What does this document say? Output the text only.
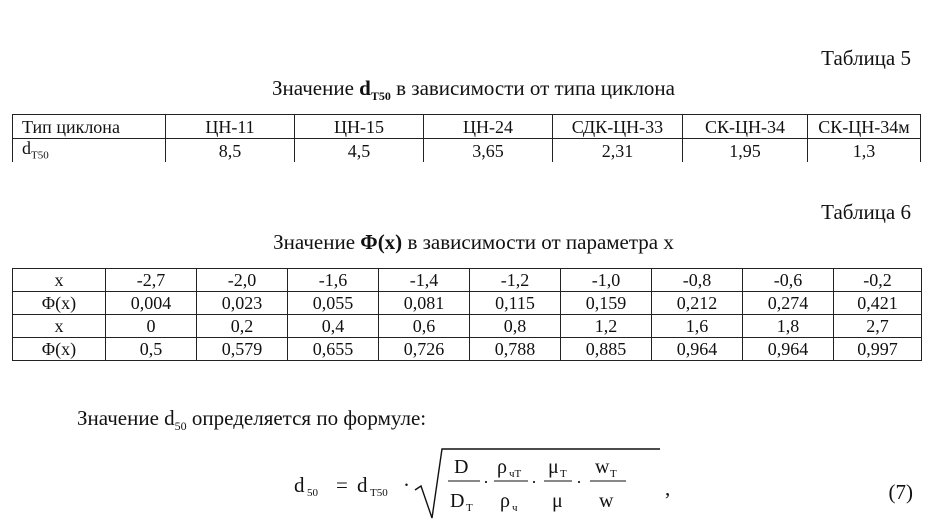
Таблица 5
Значение $d_{T50}$ в зависимости от типа циклона
Тип циклона	ЦН-11	ЦН-15	ЦН-24	СДК-ЦН-33	СК-ЦН-34	СК-ЦН-34м
$d_{T50}$	8,5	4,5	3,65	2,31	1,95	1,3
Таблица 6
Значение Φ(x) в зависимости от параметра x
x	-2,7	-2,0	-1,6	-1,4	-1,2	-1,0	-0,8	-0,6	-0,2
Φ(x)	0,004	0,023	0,055	0,081	0,115	0,159	0,212	0,274	0,421
x	0	0,2	0,4	0,6	0,8	1,2	1,6	1,8	2,7
Φ(x)	0,5	0,579	0,655	0,726	0,788	0,885	0,964	0,964	0,997
Значение $d_{50}$ определяется по формуле:
d 50 = d T50 ·
D
D T
·
ρ чT
ρ ч
·
μ T
μ
·
w T
w
,	(7)
